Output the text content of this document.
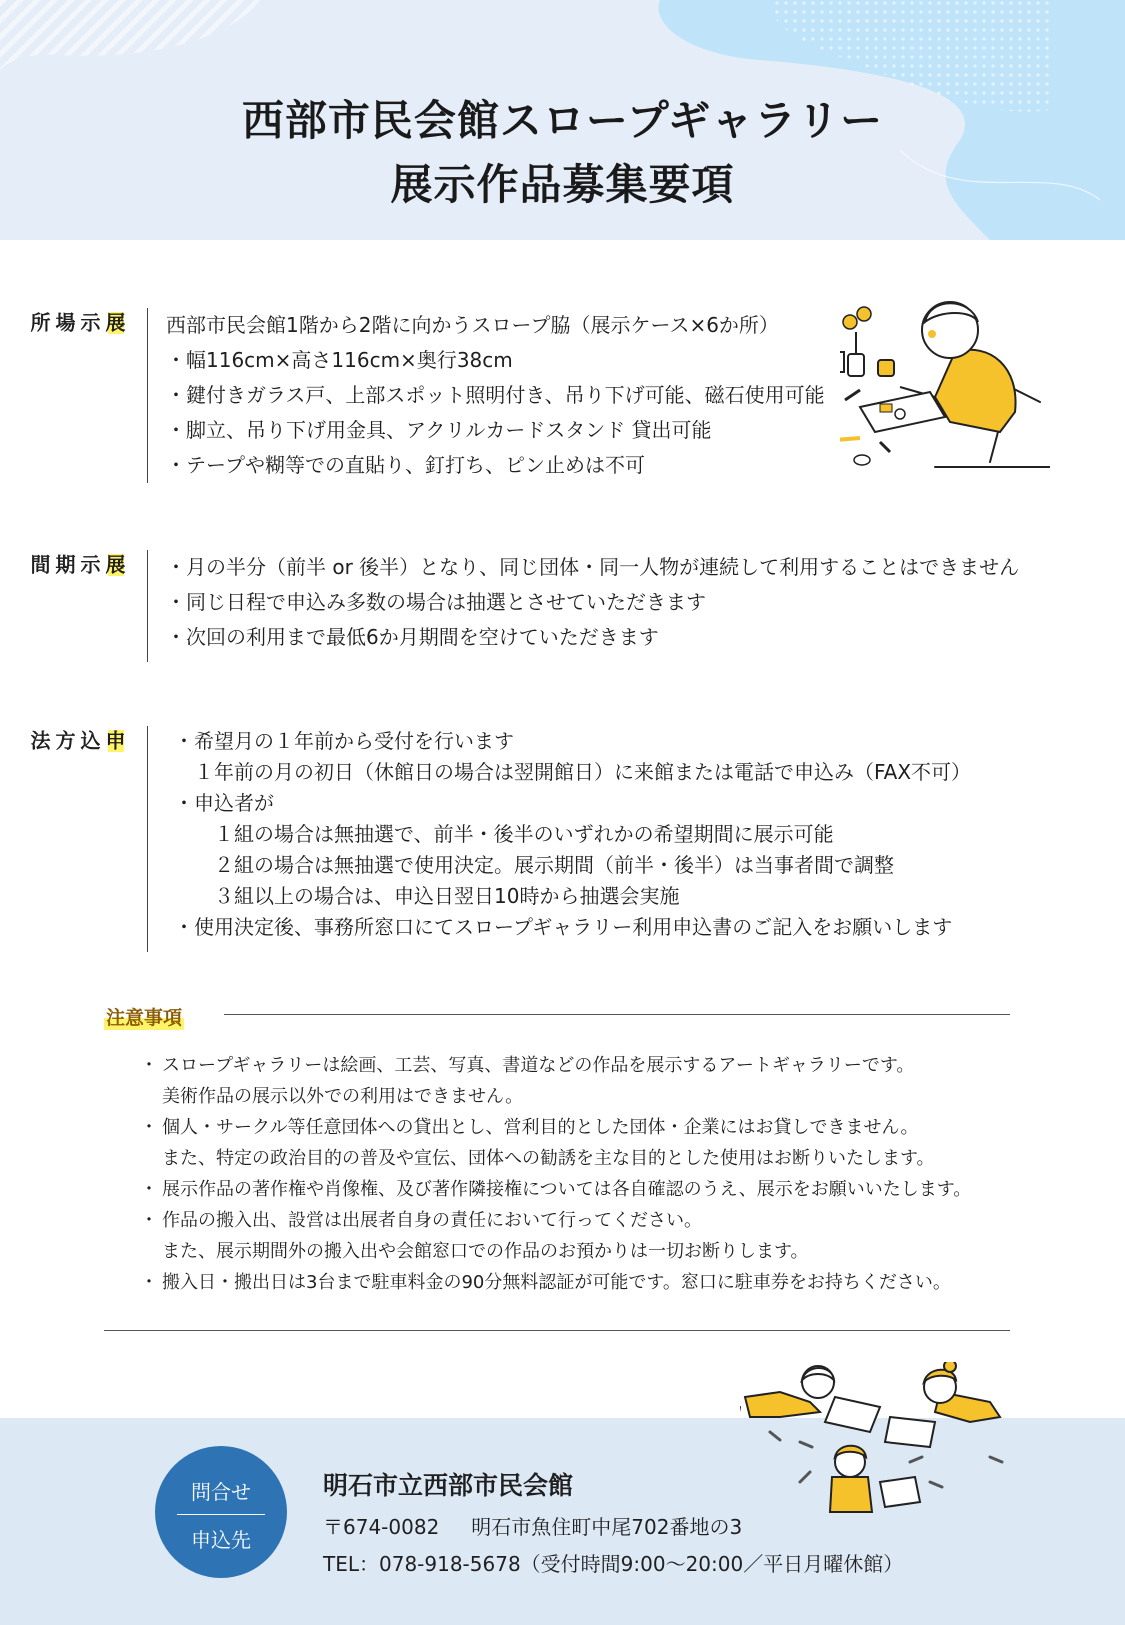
西部市民会館スロープギャラリー
展示作品募集要項
展示場所	西部市民会館1階から2階に向かうスロープ脇（展示ケース×6か所）
・幅116cm×高さ116cm×奥行38cm
・鍵付きガラス戸、上部スポット照明付き、吊り下げ可能、磁石使用可能
・脚立、吊り下げ用金具、アクリルカードスタンド 貸出可能
・テープや糊等での直貼り、釘打ち、ピン止めは不可
展示期間	・月の半分（前半 or 後半）となり、同じ団体・同一人物が連続して利用することはできません
・同じ日程で申込み多数の場合は抽選とさせていただきます
・次回の利用まで最低6か月期間を空けていただきます
申込方法	・希望月の１年前から受付を行います
　１年前の月の初日（休館日の場合は翌開館日）に来館または電話で申込み（FAX不可）
・申込者が
　　１組の場合は無抽選で、前半・後半のいずれかの希望期間に展示可能
　　２組の場合は無抽選で使用決定。展示期間（前半・後半）は当事者間で調整
　　３組以上の場合は、申込日翌日10時から抽選会実施
・使用決定後、事務所窓口にてスロープギャラリー利用申込書のご記入をお願いします
注意事項
・ スロープギャラリーは絵画、工芸、写真、書道などの作品を展示するアートギャラリーです。
美術作品の展示以外での利用はできません。
・ 個人・サークル等任意団体への貸出とし、営利目的とした団体・企業にはお貸しできません。
また、特定の政治目的の普及や宣伝、団体への勧誘を主な目的とした使用はお断りいたします。
・ 展示作品の著作権や肖像権、及び著作隣接権については各自確認のうえ、展示をお願いいたします。
・ 作品の搬入出、設営は出展者自身の責任において行ってください。
また、展示期間外の搬入出や会館窓口での作品のお預かりは一切お断りします。
・ 搬入日・搬出日は3台まで駐車料金の90分無料認証が可能です。窓口に駐車券をお持ちください。
問合せ
申込先
明石市立西部市民会館
〒674-0082 明石市魚住町中尾702番地の3
TEL：078-918-5678（受付時間9:00～20:00／平日月曜休館）
